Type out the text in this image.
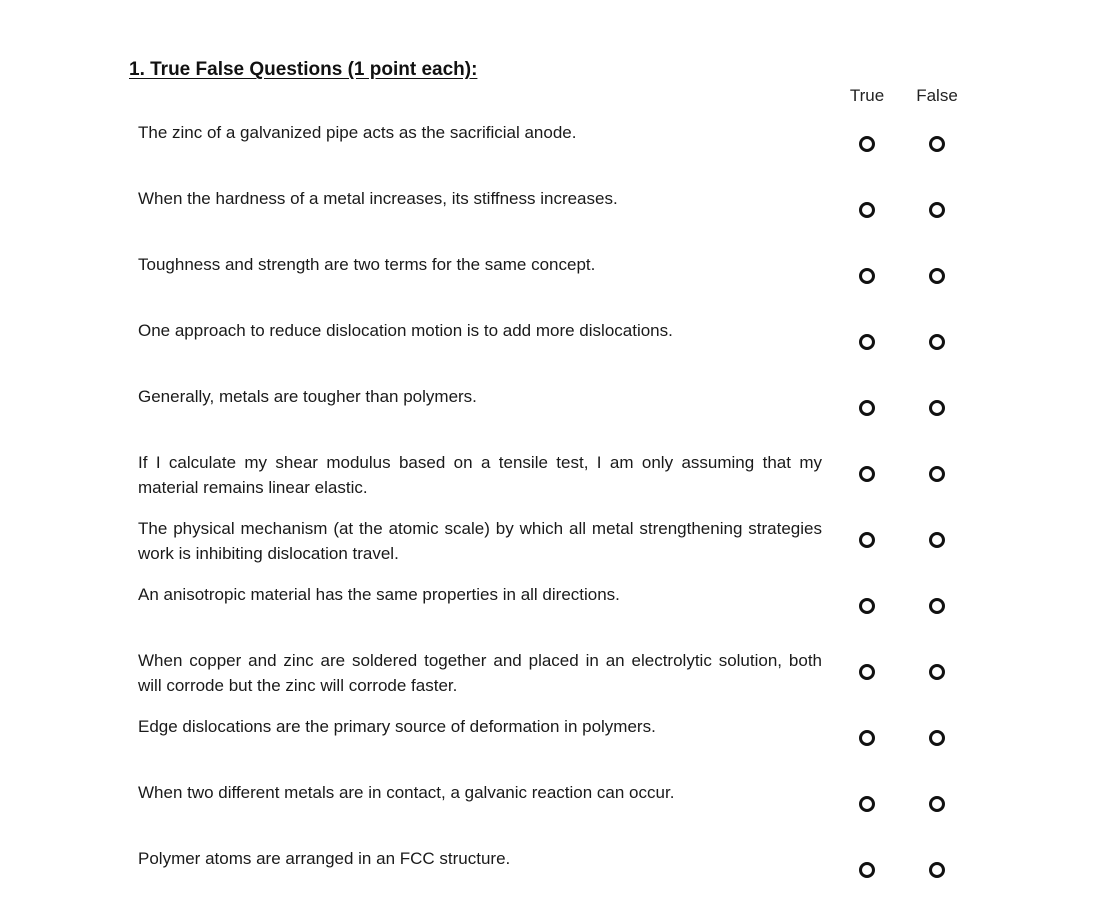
1. True False Questions (1 point each):
True	False
The zinc of a galvanized pipe acts as the sacrificial anode.
When the hardness of a metal increases, its stiffness increases.
Toughness and strength are two terms for the same concept.
One approach to reduce dislocation motion is to add more dislocations.
Generally, metals are tougher than polymers.
If I calculate my shear modulus based on a tensile test, I am only assuming that my material remains linear elastic.
The physical mechanism (at the atomic scale) by which all metal strengthening strategies work is inhibiting dislocation travel.
An anisotropic material has the same properties in all directions.
When copper and zinc are soldered together and placed in an electrolytic solution, both will corrode but the zinc will corrode faster.
Edge dislocations are the primary source of deformation in polymers.
When two different metals are in contact, a galvanic reaction can occur.
Polymer atoms are arranged in an FCC structure.
